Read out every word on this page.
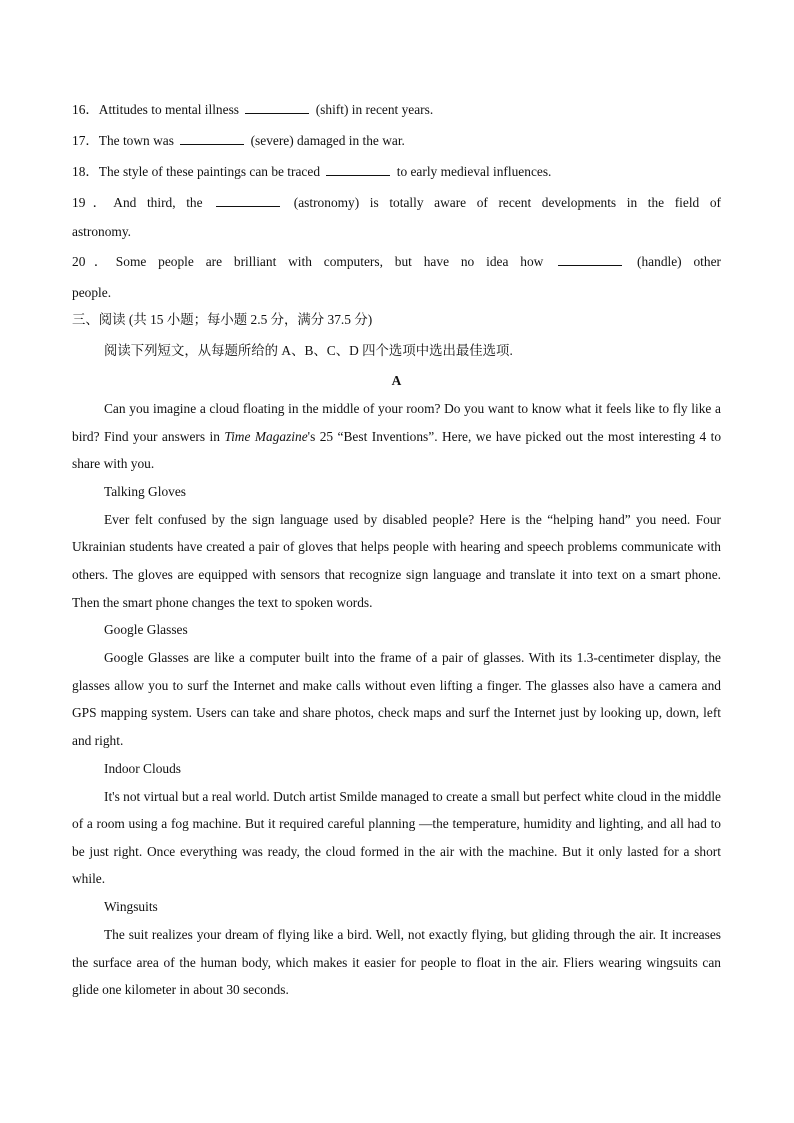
16．Attitudes to mental illness	(shift) in recent years.

17．The town was	(severe) damaged in the war.

18．The style of these paintings can be traced	to early medieval influences.

19．And third, the	(astronomy) is totally aware of recent developments in the field of

astronomy.

20．Some people are brilliant with computers, but have no idea how	(handle) other

people.

三、阅读 (共 15 小题；每小题 2.5 分，满分 37.5 分)

阅读下列短文，从每题所给的 A、B、C、D 四个选项中选出最佳选项.

A

Can you imagine a cloud floating in the middle of your room? Do you want to know what it feels like to fly like a bird? Find your answers in Time Magazine's 25 “Best Inventions”. Here, we have picked out the most interesting 4 to share with you.

Talking Gloves

Ever felt confused by the sign language used by disabled people? Here is the “helping hand” you need. Four Ukrainian students have created a pair of gloves that helps people with hearing and speech problems communicate with others. The gloves are equipped with sensors that recognize sign language and translate it into text on a smart phone. Then the smart phone changes the text to spoken words.

Google Glasses

Google Glasses are like a computer built into the frame of a pair of glasses. With its 1.3-centimeter display, the glasses allow you to surf the Internet and make calls without even lifting a finger. The glasses also have a camera and GPS mapping system. Users can take and share photos, check maps and surf the Internet just by looking up, down, left and right.

Indoor Clouds

It's not virtual but a real world. Dutch artist Smilde managed to create a small but perfect white cloud in the middle of a room using a fog machine. But it required careful planning —the temperature, humidity and lighting, and all had to be just right. Once everything was ready, the cloud formed in the air with the machine. But it only lasted for a short while.

Wingsuits

The suit realizes your dream of flying like a bird. Well, not exactly flying, but gliding through the air. It increases the surface area of the human body, which makes it easier for people to float in the air. Fliers wearing wingsuits can glide one kilometer in about 30 seconds.
